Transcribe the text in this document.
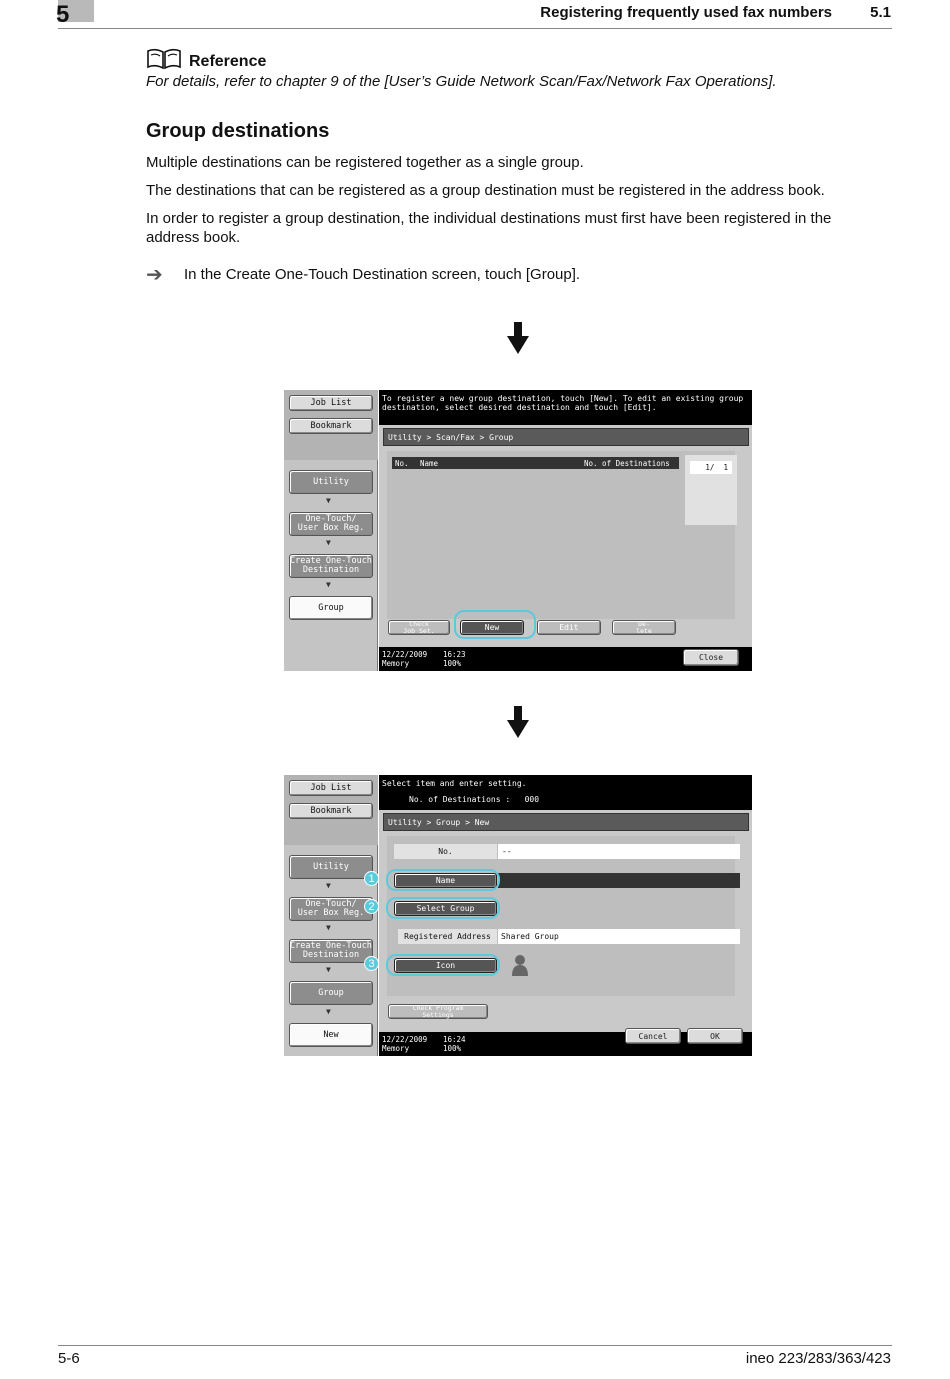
5	Registering frequently used fax numbers	5.1
Reference
For details, refer to chapter 9 of the [User’s Guide Network Scan/Fax/Network Fax Operations].
Group destinations
Multiple destinations can be registered together as a single group.
The destinations that can be registered as a group destination must be registered in the address book.
In order to register a group destination, the individual destinations must first have been registered in the address book.
➔ In the Create One-Touch Destination screen, touch [Group].
Job List
Bookmark
Utility
▼
One-Touch/
User Box Reg.
▼
Create One-Touch
Destination
▼
Group
To register a new group destination, touch [New]. To edit an existing group destination, select desired destination and touch [Edit].
Utility > Scan/Fax > Group
No. Name	No. of Destinations	1/  1
Check
Job Set.	New	Edit	De-
lete
12/22/2009
Memory
16:23
100%
Close
Job List
Bookmark
Utility
▼
One-Touch/
User Box Reg.
▼
Create One-Touch
Destination
▼
Group
▼
New
Select item and enter setting.
No. of Destinations :   000
Utility > Group > New
No.	--
Name
Select Group
Registered Address	Shared Group
Icon
Check Program
Settings
1
2
3
12/22/2009
Memory
16:24
100%
Cancel	OK
5-6	ineo 223/283/363/423
